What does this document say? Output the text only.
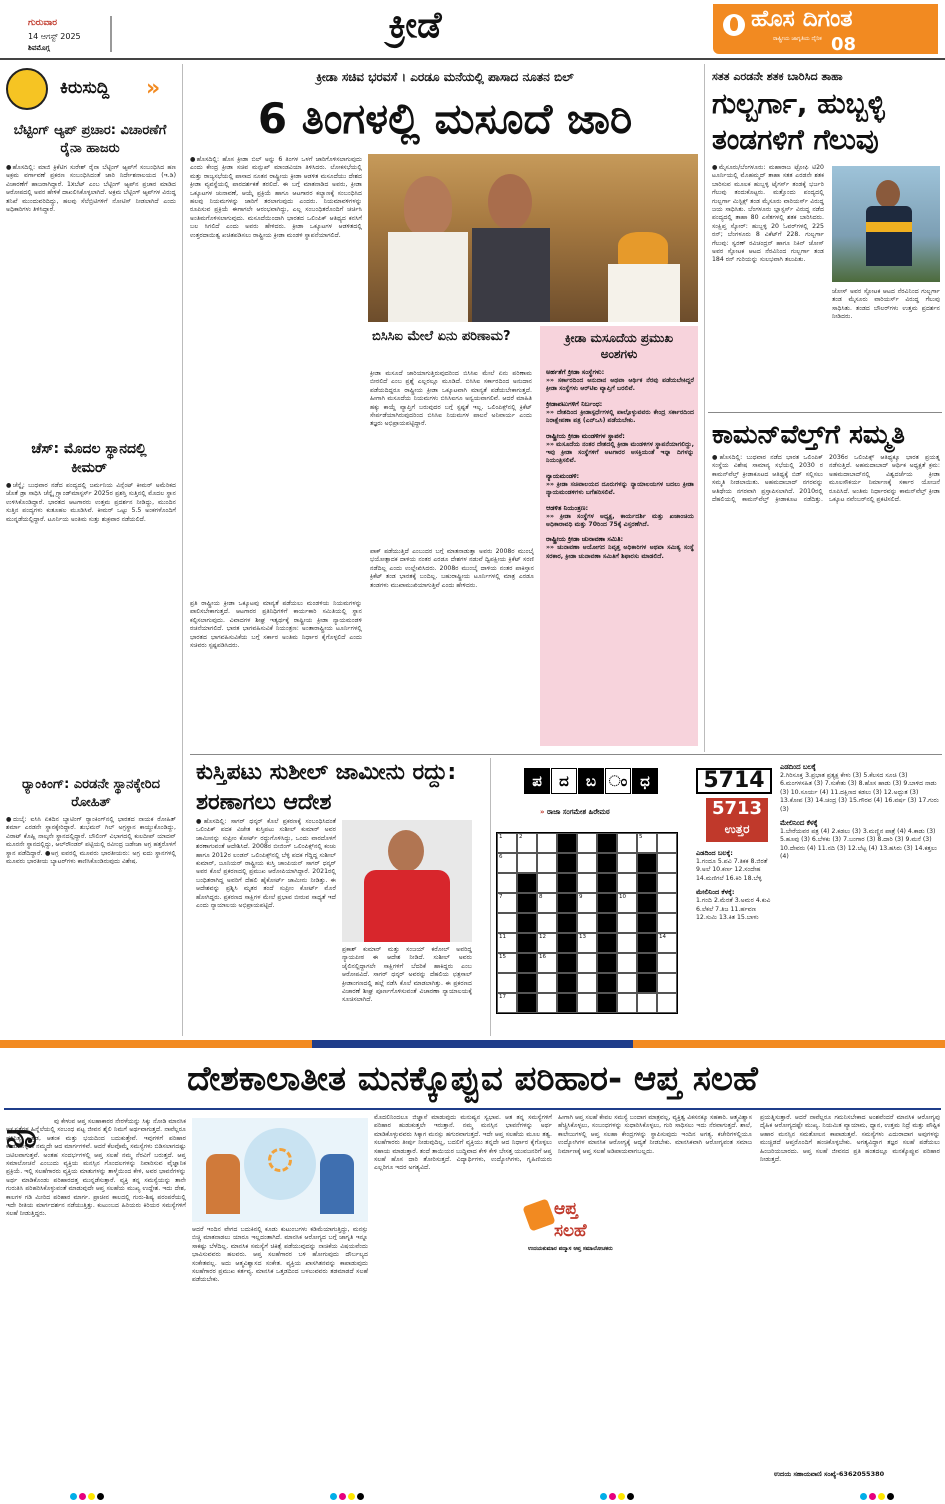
ಗುರುವಾರ
14 ಆಗಸ್ಟ್ 2025
ಶಿವಮೊಗ್ಗ
ಕ್ರೀಡೆ	ಹೊಸ ದಿಗಂತ
ರಾಷ್ಟ್ರೀಯ ಜಾಗೃತಿಯ ದೈನಿಕ 08
ಕಿರುಸುದ್ದಿ »
ಬೆಟ್ಟಿಂಗ್ ಆ್ಯಪ್ ಪ್ರಚಾರ: ವಿಚಾರಣೆಗೆ ರೈನಾ ಹಾಜರು
●ಹೊಸದಿಲ್ಲಿ: ಮಾಜಿ ಕ್ರಿಕೆಟಿಗ ಸುರೇಶ್ ರೈನಾ ಬೆಟ್ಟಿಂಗ್ ಆ್ಯಪ್‌ಗೆ ಸಂಬಂಧಿಸಿದ ಹಣ ಅಕ್ರಮ ವರ್ಗಾವಣೆ ಪ್ರಕರಣ ಸಂಬಂಧಿಸಿದಂತೆ ಜಾರಿ ನಿರ್ದೇಶನಾಲಯದ (ಇ.ಡಿ) ವಿಚಾರಣೆಗೆ ಹಾಜರಾಗಿದ್ದಾರೆ. 1xಬೆಟ್ ಎಂಬ ಬೆಟ್ಟಿಂಗ್ ಆ್ಯಪ್‌ನ ಪ್ರಚಾರ ಮಾಡಿದ ಆರೋಪದಲ್ಲಿ ಅವರ ಹೇಳಿಕೆ ದಾಖಲಿಸಿಕೊಳ್ಳಲಾಗಿದೆ. ಅಕ್ರಮ ಬೆಟ್ಟಿಂಗ್ ಆ್ಯಪ್‌ಗಳ ವಿರುದ್ಧ ತನಿಖೆ ಮುಂದುವರಿದಿದ್ದು, ಹಲವು ಸೆಲೆಬ್ರಿಟಿಗಳಿಗೆ ನೋಟಿಸ್ ನೀಡಲಾಗಿದೆ ಎಂದು ಅಧಿಕಾರಿಗಳು ತಿಳಿಸಿದ್ದಾರೆ.
ಚೆಸ್: ಮೊದಲ ಸ್ಥಾನದಲ್ಲಿ ಕೀಮರ್
●ಚೆನ್ನೈ: ಬುಧವಾರ ನಡೆದ ಪಂದ್ಯದಲ್ಲಿ ಜರ್ಮನಿಯ ವಿನ್ಸೆಂಟ್ ಕೀಮರ್ ಅಮೆರಿಕದ ಜೊತೆ ಡ್ರಾ ಸಾಧಿಸಿ ಚೆನ್ನೈ ಗ್ರ್ಯಾಂಡ್‌ಮಾಸ್ಟರ್ಸ್ 2025ರ ಪ್ರಶಸ್ತಿ ಸುತ್ತಿನಲ್ಲಿ ಮೊದಲ ಸ್ಥಾನ ಉಳಿಸಿಕೊಂಡಿದ್ದಾರೆ. ಭಾರತದ ಆಟಗಾರರು ಉತ್ತಮ ಪ್ರದರ್ಶನ ನೀಡಿದ್ದು, ಮುಂದಿನ ಸುತ್ತಿನ ಪಂದ್ಯಗಳು ಕುತೂಹಲ ಮೂಡಿಸಿವೆ. ಕೀಮರ್ ಒಟ್ಟು 5.5 ಅಂಕಗಳೊಂದಿಗೆ ಮುನ್ನಡೆಯಲ್ಲಿದ್ದಾರೆ. ಟೂರ್ನಿಯ ಅಂತಿಮ ಸುತ್ತು ಶುಕ್ರವಾರ ನಡೆಯಲಿದೆ.
ರ‍್ಯಾಂಕಿಂಗ್: ಎರಡನೇ ಸ್ಥಾನಕ್ಕೇರಿದ ರೋಹಿತ್
●ದುಬೈ: ಐಸಿಸಿ ಏಕದಿನ ಬ್ಯಾಟಿಂಗ್ ರ‍್ಯಾಂಕಿಂಗ್‌ನಲ್ಲಿ ಭಾರತದ ನಾಯಕ ರೋಹಿತ್ ಶರ್ಮಾ ಎರಡನೇ ಸ್ಥಾನಕ್ಕೇರಿದ್ದಾರೆ. ಶುಭಮನ್ ಗಿಲ್ ಅಗ್ರಸ್ಥಾನ ಕಾಯ್ದುಕೊಂಡಿದ್ದು, ವಿರಾಟ್ ಕೊಹ್ಲಿ ನಾಲ್ಕನೇ ಸ್ಥಾನದಲ್ಲಿದ್ದಾರೆ. ಬೌಲಿಂಗ್ ವಿಭಾಗದಲ್ಲಿ ಕುಲದೀಪ್ ಯಾದವ್ ಮೂರನೇ ಸ್ಥಾನದಲ್ಲಿದ್ದು, ಆಲ್‌ರೌಂಡರ್ ಪಟ್ಟಿಯಲ್ಲಿ ರವೀಂದ್ರ ಜಡೇಜಾ ಅಗ್ರ ಹತ್ತರೊಳಗೆ ಸ್ಥಾನ ಪಡೆದಿದ್ದಾರೆ. ●ಅಗ್ರ ಐವರಲ್ಲಿ ಮೂವರು ಭಾರತೀಯರು: ಅಗ್ರ ಐದು ಸ್ಥಾನಗಳಲ್ಲಿ ಮೂವರು ಭಾರತೀಯ ಬ್ಯಾಟರ್‌ಗಳು ಕಾಣಿಸಿಕೊಂಡಿರುವುದು ವಿಶೇಷ.
ಕ್ರೀಡಾ ಸಚಿವ ಭರವಸೆ । ಎರಡೂ ಮನೆಯಲ್ಲಿ ಪಾಸಾದ ನೂತನ ಬಿಲ್
6 ತಿಂಗಳಲ್ಲಿ ಮಸೂದೆ ಜಾರಿ
●ಹೊಸದಿಲ್ಲಿ: ಹೊಸ ಕ್ರೀಡಾ ಬಿಲ್ ಅನ್ನು 6 ತಿಂಗಳ ಒಳಗೆ ಜಾರಿಗೊಳಿಸಲಾಗುವುದು ಎಂದು ಕೇಂದ್ರ ಕ್ರೀಡಾ ಸಚಿವ ಮನ್ಸುಖ್ ಮಾಂಡವಿಯಾ ತಿಳಿಸಿದರು. ಲೋಕಸಭೆಯಲ್ಲಿ ಮತ್ತು ರಾಜ್ಯಸಭೆಯಲ್ಲಿ ಪಾಸಾದ ನೂತನ ರಾಷ್ಟ್ರೀಯ ಕ್ರೀಡಾ ಆಡಳಿತ ಮಸೂದೆಯು ದೇಶದ ಕ್ರೀಡಾ ವ್ಯವಸ್ಥೆಯಲ್ಲಿ ಪಾರದರ್ಶಕತೆ ತರಲಿದೆ. ಈ ಬಗ್ಗೆ ಮಾತನಾಡಿದ ಅವರು, ಕ್ರೀಡಾ ಒಕ್ಕೂಟಗಳ ಚುನಾವಣೆ, ಆಯ್ಕೆ ಪ್ರಕ್ರಿಯೆ ಹಾಗೂ ಆಟಗಾರರ ಕಲ್ಯಾಣಕ್ಕೆ ಸಂಬಂಧಿಸಿದ ಹಲವು ನಿಯಮಗಳನ್ನು ಜಾರಿಗೆ ತರಲಾಗುವುದು ಎಂದರು. ನಿಯಮಾವಳಿಗಳನ್ನು ರೂಪಿಸುವ ಪ್ರಕ್ರಿಯೆ ಈಗಾಗಲೇ ಆರಂಭವಾಗಿದ್ದು, ಎಲ್ಲ ಸಂಬಂಧಿತರೊಂದಿಗೆ ಚರ್ಚಿಸಿ ಅಂತಿಮಗೊಳಿಸಲಾಗುವುದು. ಮಸೂದೆಯಿಂದಾಗಿ ಭಾರತದ ಒಲಿಂಪಿಕ್ ಆತಿಥ್ಯದ ಕನಸಿಗೆ ಬಲ ಸಿಗಲಿದೆ ಎಂದು ಅವರು ಹೇಳಿದರು. ಕ್ರೀಡಾ ಒಕ್ಕೂಟಗಳ ಆಡಳಿತದಲ್ಲಿ ಉತ್ತರದಾಯಿತ್ವ ಖಚಿತಪಡಿಸಲು ರಾಷ್ಟ್ರೀಯ ಕ್ರೀಡಾ ಮಂಡಳಿ ಸ್ಥಾಪನೆಯಾಗಲಿದೆ.
ಪ್ರತಿ ರಾಷ್ಟ್ರೀಯ ಕ್ರೀಡಾ ಒಕ್ಕೂಟವು ಮಾನ್ಯತೆ ಪಡೆಯಲು ಮಂಡಳಿಯ ನಿಯಮಗಳನ್ನು ಪಾಲಿಸಬೇಕಾಗುತ್ತದೆ. ಆಟಗಾರರ ಪ್ರತಿನಿಧಿಗಳಿಗೆ ಕಾರ್ಯಕಾರಿ ಸಮಿತಿಯಲ್ಲಿ ಸ್ಥಾನ ಕಲ್ಪಿಸಲಾಗುವುದು. ವಿವಾದಗಳ ಶೀಘ್ರ ಇತ್ಯರ್ಥಕ್ಕೆ ರಾಷ್ಟ್ರೀಯ ಕ್ರೀಡಾ ನ್ಯಾಯಮಂಡಳಿ ರಚನೆಯಾಗಲಿದೆ. ಭಾರತ ಭಾಗವಹಿಸುವಿಕೆ ನಿಯಂತ್ರಣ: ಅಂತಾರಾಷ್ಟ್ರೀಯ ಟೂರ್ನಿಗಳಲ್ಲಿ ಭಾರತದ ಭಾಗವಹಿಸುವಿಕೆಯ ಬಗ್ಗೆ ಸರ್ಕಾರ ಅಂತಿಮ ನಿರ್ಧಾರ ಕೈಗೊಳ್ಳಲಿದೆ ಎಂದು ಸಚಿವರು ಸ್ಪಷ್ಟಪಡಿಸಿದರು.
ಬಿಸಿಸಿಐ ಮೇಲೆ ಏನು ಪರಿಣಾಮ?
ಕ್ರೀಡಾ ಮಸೂದೆ ಜಾರಿಯಾಗುತ್ತಿರುವುದರಿಂದ ಬಿಸಿಸಿಐ ಮೇಲೆ ಏನು ಪರಿಣಾಮ ಬೀರಲಿದೆ ಎಂಬ ಪ್ರಶ್ನೆ ಎಲ್ಲರಲ್ಲೂ ಮೂಡಿದೆ. ಬಿಸಿಸಿಐ ಸರ್ಕಾರದಿಂದ ಅನುದಾನ ಪಡೆಯದಿದ್ದರೂ ರಾಷ್ಟ್ರೀಯ ಕ್ರೀಡಾ ಒಕ್ಕೂಟವಾಗಿ ಮಾನ್ಯತೆ ಪಡೆಯಬೇಕಾಗುತ್ತದೆ. ಹೀಗಾಗಿ ಮಸೂದೆಯ ನಿಯಮಗಳು ಬಿಸಿಸಿಐಗೂ ಅನ್ವಯವಾಗಲಿವೆ. ಆದರೆ ಮಾಹಿತಿ ಹಕ್ಕು ಕಾಯ್ದೆ ವ್ಯಾಪ್ತಿಗೆ ಬರುವುದರ ಬಗ್ಗೆ ಸ್ಪಷ್ಟತೆ ಇಲ್ಲ. ಒಲಿಂಪಿಕ್ಸ್‌ನಲ್ಲಿ ಕ್ರಿಕೆಟ್ ಸೇರ್ಪಡೆಯಾಗಿರುವುದರಿಂದ ಬಿಸಿಸಿಐ ನಿಯಮಗಳ ಪಾಲನೆ ಅನಿವಾರ್ಯ ಎಂದು ತಜ್ಞರು ಅಭಿಪ್ರಾಯಪಟ್ಟಿದ್ದಾರೆ.
ಪಾಕ್ ಪಡೆಯುತ್ತಿದೆ ಎಂಬುದರ ಬಗ್ಗೆ ಮಾತನಾಡುತ್ತಾ ಅವರು 2008ರ ಮುಂಬೈ ಭಯೋತ್ಪಾದಕ ದಾಳಿಯ ನಂತರ ಎರಡೂ ದೇಶಗಳ ನಡುವೆ ದ್ವಿಪಕ್ಷೀಯ ಕ್ರಿಕೆಟ್ ಸರಣಿ ನಡೆದಿಲ್ಲ ಎಂದು ಉಲ್ಲೇಖಿಸಿದರು. 2008ರ ಮುಂಬೈ ದಾಳಿಯ ನಂತರ ಪಾಕಿಸ್ತಾನ ಕ್ರಿಕೆಟ್ ತಂಡ ಭಾರತಕ್ಕೆ ಬಂದಿಲ್ಲ. ಬಹುರಾಷ್ಟ್ರೀಯ ಟೂರ್ನಿಗಳಲ್ಲಿ ಮಾತ್ರ ಎರಡೂ ತಂಡಗಳು ಮುಖಾಮುಖಿಯಾಗುತ್ತಿವೆ ಎಂದು ಹೇಳಿದರು.
ಕ್ರೀಡಾ ಮಸೂದೆಯ ಪ್ರಮುಖ ಅಂಶಗಳು
ಅರ್ಹತೆಗೆ ಕ್ರೀಡಾ ಸಂಸ್ಥೆಗಳು:
»» ಸರ್ಕಾರದಿಂದ ಅನುದಾನ ಅಥವಾ ಆರ್ಥಿಕ ನೆರವು ಪಡೆಯಬೇಕಿದ್ದರೆ ಕ್ರೀಡಾ ಸಂಸ್ಥೆಗಳು ಆರ್‌ಟಿಐ ವ್ಯಾಪ್ತಿಗೆ ಬರಲಿವೆ.
ಕ್ರೀಡಾಪಟುಗಳಿಗೆ ನಿರ್ಬಂಧ:
»» ದೇಶದಿಂದ ಕ್ರೀಡಾಸ್ಪರ್ಧೆಗಳಲ್ಲಿ ಪಾಲ್ಗೊಳ್ಳುವವರು ಕೇಂದ್ರ ಸರ್ಕಾರದಿಂದ ನಿರಾಕ್ಷೇಪಣಾ ಪತ್ರ (ಎನ್‌ಒಸಿ) ಪಡೆಯಬೇಕು.
ರಾಷ್ಟ್ರೀಯ ಕ್ರೀಡಾ ಮಂಡಳಿಗಳ ಸ್ಥಾಪನೆ:
»» ಮಸೂದೆಯ ನಂತರ ದೇಶದಲ್ಲಿ ಕ್ರೀಡಾ ಮಂಡಳಿಗಳ ಸ್ಥಾಪನೆಯಾಗಲಿದ್ದು, ಇವು ಕ್ರೀಡಾ ಸಂಸ್ಥೆಗಳಿಗೆ ಆಟಗಾರರ ಆಸಕ್ತಿಯಂತೆ ಇನ್ನಾ ದಿಗಳನ್ನು ನಿಯಂತ್ರಿಸಲಿವೆ.
ನ್ಯಾಯಮಂಡಳಿ:
»» ಕ್ರೀಡಾ ಸಚಿವಾಲಯದ ದೂರುಗಳನ್ನು ನ್ಯಾಯಾಲಯಗಳ ಬದಲು ಕ್ರೀಡಾ ನ್ಯಾಯಮಂಡಳಿಗಳು ಬಗೆಹರಿಸಲಿವೆ.
ಆಡಳಿತ ನಿಯಂತ್ರಣ:
»» ಕ್ರೀಡಾ ಸಂಸ್ಥೆಗಳ ಅಧ್ಯಕ್ಷ, ಕಾರ್ಯದರ್ಶಿ ಮತ್ತು ಖಜಾಂಚಿಯ ಅಧಿಕಾರಾವಧಿ ಮತ್ತು 70ರಿಂದ 75ಕ್ಕೆ ವಿಸ್ತರಣೆಗಿದೆ.
ರಾಷ್ಟ್ರೀಯ ಕ್ರೀಡಾ ಚುನಾವಣಾ ಸಮಿತಿ:
»» ಚುನಾವಣಾ ಆಯೋಗದ ನಿವೃತ್ತ ಅಧಿಕಾರಿಗಳ ಅಥವಾ ಸಮಿತ್ಯ ಸಂಸ್ಥೆ ಸರಕಾರ, ಕ್ರೀಡಾ ಚುನಾವಣಾ ಸಮಿತಿಗೆ ಶಿಫಾರಸು ಮಾಡಲಿದೆ.
ಸತತ ಎರಡನೇ ಶತಕ ಬಾರಿಸಿದ ತಾಹಾ
ಗುಲ್ಬರ್ಗಾ, ಹುಬ್ಬಳ್ಳಿ ತಂಡಗಳಿಗೆ ಗೆಲುವು
●ಮೈಸೂರು/ಬೆಂಗಳೂರು: ಮಹಾರಾಜ ಟ್ರೋಫಿ ಟಿ20 ಟೂರ್ನಿಯಲ್ಲಿ ಮೊಹಮ್ಮದ್ ತಾಹಾ ಸತತ ಎರಡನೇ ಶತಕ ಬಾರಿಸುವ ಮೂಲಕ ಹುಬ್ಬಳ್ಳಿ ಟೈಗರ್ಸ್ ತಂಡಕ್ಕೆ ಭರ್ಜರಿ ಗೆಲುವು ತಂದುಕೊಟ್ಟರು. ಮತ್ತೊಂದು ಪಂದ್ಯದಲ್ಲಿ ಗುಲ್ಬರ್ಗಾ ಮಿಸ್ಟಿಕ್ಸ್ ತಂಡ ಮೈಸೂರು ವಾರಿಯರ್ಸ್ ವಿರುದ್ಧ ಜಯ ಸಾಧಿಸಿತು. ಬೆಂಗಳೂರು ಬ್ಲಾಸ್ಟರ್ಸ್ ವಿರುದ್ಧ ನಡೆದ ಪಂದ್ಯದಲ್ಲಿ ತಾಹಾ 80 ಎಸೆತಗಳಲ್ಲಿ ಶತಕ ಬಾರಿಸಿದರು. ಸಂಕ್ಷಿಪ್ತ ಸ್ಕೋರ್: ಹುಬ್ಬಳ್ಳಿ 20 ಓವರ್‌ಗಳಲ್ಲಿ 225 ರನ್; ಬೆಂಗಳೂರು 8 ವಿಕೆಟ್‌ಗೆ 228. ಗುಲ್ಬರ್ಗಾ ಗೆಲುವು: ಸ್ವರಣ್ ರವಿಚಂದ್ರನ್ ಹಾಗೂ ನಿಕಿನ್ ಜೋಸ್ ಅವರ ಸ್ಫೋಟಕ ಆಟದ ನೆರವಿನಿಂದ ಗುಲ್ಬರ್ಗಾ ತಂಡ 184 ರನ್ ಗುರಿಯನ್ನು ಸುಲಭವಾಗಿ ತಲುಪಿತು.
ಜೋಸ್ ಅವರ ಸ್ಫೋಟಕ ಆಟದ ನೆರವಿನಿಂದ ಗುಲ್ಬರ್ಗಾ ತಂಡ ಮೈಸೂರು ವಾರಿಯರ್ಸ್ ವಿರುದ್ಧ ಗೆಲುವು ಸಾಧಿಸಿತು. ತಂಡದ ಬೌಲರ್‌ಗಳು ಉತ್ತಮ ಪ್ರದರ್ಶನ ನೀಡಿದರು.
ಕಾಮನ್‌ವೆಲ್ತ್‌ಗೆ ಸಮ್ಮತಿ
●ಹೊಸದಿಲ್ಲಿ: ಬುಧವಾರ ನಡೆದ ಭಾರತ ಒಲಿಂಪಿಕ್ ಸಂಸ್ಥೆಯ ವಿಶೇಷ ಸಾಮಾನ್ಯ ಸಭೆಯಲ್ಲಿ 2030 ರ ಕಾಮನ್‌ವೆಲ್ತ್ ಕ್ರೀಡಾಕೂಟದ ಆತಿಥ್ಯಕ್ಕೆ ಬಿಡ್ ಸಲ್ಲಿಸಲು ಸಮ್ಮತಿ ನೀಡಲಾಯಿತು. ಅಹಮದಾಬಾದ್ ನಗರವನ್ನು ಆತಿಥೇಯ ನಗರವಾಗಿ ಪ್ರಸ್ತಾಪಿಸಲಾಗಿದೆ. 2010ರಲ್ಲಿ ದೆಹಲಿಯಲ್ಲಿ ಕಾಮನ್‌ವೆಲ್ತ್ ಕ್ರೀಡಾಕೂಟ ನಡೆದಿತ್ತು. 2036ರ ಒಲಿಂಪಿಕ್ಸ್ ಆತಿಥ್ಯಕ್ಕೂ ಭಾರತ ಪ್ರಯತ್ನ ನಡೆಸುತ್ತಿದೆ. ಅಹಮದಾಬಾದ್ ಆರ್ಥಿಕ ಅಧ್ಯಕ್ಷತೆ ಕ್ರಮ: ಅಹಮದಾಬಾದ್‌ನಲ್ಲಿ ವಿಶ್ವದರ್ಜೆಯ ಕ್ರೀಡಾ ಮೂಲಸೌಕರ್ಯ ನಿರ್ಮಾಣಕ್ಕೆ ಸರ್ಕಾರ ಯೋಜನೆ ರೂಪಿಸಿದೆ. ಅಂತಿಮ ನಿರ್ಧಾರವನ್ನು ಕಾಮನ್‌ವೆಲ್ತ್ ಕ್ರೀಡಾ ಒಕ್ಕೂಟ ನವೆಂಬರ್‌ನಲ್ಲಿ ಪ್ರಕಟಿಸಲಿದೆ.
ಕುಸ್ತಿಪಟು ಸುಶೀಲ್ ಜಾಮೀನು ರದ್ದು: ಶರಣಾಗಲು ಆದೇಶ
●ಹೊಸದಿಲ್ಲಿ: ಸಾಗರ್ ಧನ್ಕರ್ ಕೊಲೆ ಪ್ರಕರಣಕ್ಕೆ ಸಂಬಂಧಿಸಿದಂತೆ ಒಲಿಂಪಿಕ್ ಪದಕ ವಿಜೇತ ಕುಸ್ತಿಪಟು ಸುಶೀಲ್ ಕುಮಾರ್ ಅವರ ಜಾಮೀನನ್ನು ಸುಪ್ರೀಂ ಕೋರ್ಟ್ ರದ್ದುಗೊಳಿಸಿದ್ದು, ಒಂದು ವಾರದೊಳಗೆ ಶರಣಾಗುವಂತೆ ಆದೇಶಿಸಿದೆ. 2008ರ ಬೀಜಿಂಗ್ ಒಲಿಂಪಿಕ್ಸ್‌ನಲ್ಲಿ ಕಂಚು ಹಾಗೂ 2012ರ ಲಂಡನ್ ಒಲಿಂಪಿಕ್ಸ್‌ನಲ್ಲಿ ಬೆಳ್ಳಿ ಪದಕ ಗೆದ್ದಿದ್ದ ಸುಶೀಲ್ ಕುಮಾರ್, ಜೂನಿಯರ್ ರಾಷ್ಟ್ರೀಯ ಕುಸ್ತಿ ಚಾಂಪಿಯನ್ ಸಾಗರ್ ಧನ್ಕರ್ ಅವರ ಕೊಲೆ ಪ್ರಕರಣದಲ್ಲಿ ಪ್ರಮುಖ ಆರೋಪಿಯಾಗಿದ್ದಾರೆ. 2021ರಲ್ಲಿ ಬಂಧಿತರಾಗಿದ್ದ ಅವರಿಗೆ ದೆಹಲಿ ಹೈಕೋರ್ಟ್ ಜಾಮೀನು ನೀಡಿತ್ತು. ಈ ಆದೇಶವನ್ನು ಪ್ರಶ್ನಿಸಿ ಮೃತರ ತಂದೆ ಸುಪ್ರೀಂ ಕೋರ್ಟ್ ಮೊರೆ ಹೋಗಿದ್ದರು. ಪ್ರಕರಣದ ಸಾಕ್ಷಿಗಳ ಮೇಲೆ ಪ್ರಭಾವ ಬೀರುವ ಸಾಧ್ಯತೆ ಇದೆ ಎಂದು ನ್ಯಾಯಾಲಯ ಅಭಿಪ್ರಾಯಪಟ್ಟಿದೆ.
ಪ್ರಕಾಶ್ ಕುಮಾರ್ ಮತ್ತು ಸಂಜಯ್ ಕರೋಲ್ ಅವರಿದ್ದ ನ್ಯಾಯಪೀಠ ಈ ಆದೇಶ ನೀಡಿದೆ. ಸುಶೀಲ್ ಅವರು ಜೈಲಿನಲ್ಲಿದ್ದಾಗಲೇ ಸಾಕ್ಷಿಗಳಿಗೆ ಬೆದರಿಕೆ ಹಾಕಿದ್ದರು ಎಂಬ ಆರೋಪವಿದೆ. ಸಾಗರ್ ಧನ್ಕರ್ ಅವರನ್ನು ದೆಹಲಿಯ ಛತ್ರಸಾಲ್ ಕ್ರೀಡಾಂಗಣದಲ್ಲಿ ಹಲ್ಲೆ ನಡೆಸಿ ಕೊಲೆ ಮಾಡಲಾಗಿತ್ತು. ಈ ಪ್ರಕರಣದ ವಿಚಾರಣೆ ಶೀಘ್ರ ಪೂರ್ಣಗೊಳಿಸುವಂತೆ ವಿಚಾರಣಾ ನ್ಯಾಯಾಲಯಕ್ಕೆ ಸೂಚಿಸಲಾಗಿದೆ.
ಪ	ದ	ಬ ಂ ಧ
» ರಾಜಾ ಸಂಗಮೇಶ ಹಿರೇಮಠ
1	2	5
6
7	8	9	10
11	12	13	14
15	16
17
5714
5713
ಉತ್ತರ
ಎಡದಿಂದ ಬಲಕ್ಕೆ:
1.ಗಂದೂ 5.ಪವಿ 7.ತಿಕಕ 8.ಜಿರತೆ 9.ಅಲೆ 10.ಕರ್ಣ 12.ಸಂದೇಹ 14.ಮಣಿಗಲೆ 16.ಕಿರಿ 18.ಬೆಳ್ಳಿ
ಮೇಲಿನಿಂದ ಕೆಳಕ್ಕೆ:
1.ಗಂದಿ 2.ಮೆರತೆ 3.ಅಮರ 4.ಕುವಿ 6.ಲೆಕಲೆ 7.ತಿಜ 11.ರ್ಹವಣ 12.ಸುಮಿ 13.ಕಿತ 15.ಬಾಳು
ಎಡದಿಂದ ಬಲಕ್ಕೆ
2.ಗಿರಿಸೂಕ್ತ 3.ಪ್ರಭಾತ ಪ್ರತ್ಯಕ್ಷ ಕೇಳು (3) 5.ಕೆಲಸದ ಸೂಚಿ (3) 6.ಮಂಗಳಸಹಿತ (3) 7.ಸುಕೇತು (3) 8.ಹೊಸ ಹಾಡು (3) 9.ಬಾಳಿದ ನಾಡು (3) 10.ಸೂರ್ಯ (4) 11.ದಕ್ಷಿಣದ ಕಡಲು (3) 12.ಅದ್ಭುತ (3) 13.ಕೋಪ (3) 14.ಚಂದ್ರ (3) 15.ಗೌರವ (4) 16.ವರ್ಷ (3) 17.ಗುರು (3)
ಮೇಲಿನಿಂದ ಕೆಳಕ್ಕೆ
1.ಬೇರೆಯವರ ಪತ್ರ (4) 2.ಕಡಲು (3) 3.ಮಣ್ಣಿನ ಪಾತ್ರೆ (4) 4.ಕಾಡು (3) 5.ಹೂವು (3) 6.ಬೆಳಕು (3) 7.ಬಂಗಾರ (3) 8.ದಾರಿ (3) 9.ಮನೆ (3) 10.ದೇವರು (4) 11.ನದಿ (3) 12.ಬೆಟ್ಟ (4) 13.ಹಸಿರು (3) 14.ಕತ್ತಲು (4)
ದೇಶಕಾಲಾತೀತ ಮನಕ್ಕೊಪ್ಪುವ ಪರಿಹಾರ- ಆಪ್ತ ಸಲಹೆ
ನಾ	ವು ಕೇಳುವ ಆಪ್ತ ಸಲಹಾಕಾರರ ನೇರಳೆಯನ್ನು ಸಿಕ್ಕು ನೋಡಿ ಮಾನಸಿಕ ಅಸ್ವಸ್ಥತೆಗಳ ಹಿನ್ನೆಲೆಯಲ್ಲಿ ಸಂಬಂಧ ಪಟ್ಟ ಜೀವನ ಶೈಲಿ ನಿಮಗೆ ಅರ್ಥವಾಗುತ್ತದೆ. ನಾವೆಲ್ಲರೂ ಪ್ರತಿನಿತ್ಯ ಒತ್ತಡ, ಆತಂಕ ಮತ್ತು ಭಯದಿಂದ ಬದುಕುತ್ತೇವೆ. ಇವುಗಳಿಗೆ ಪರಿಹಾರ ಕಂಡುಕೊಳ್ಳಲು ನಮ್ಮದೇ ಆದ ಮಾರ್ಗಗಳಿವೆ. ಆದರೆ ಕೆಲವೊಮ್ಮೆ ಸಮಸ್ಯೆಗಳು ಬಿಡಿಸಲಾಗದಷ್ಟು ಜಟಿಲವಾಗುತ್ತವೆ. ಅಂತಹ ಸಂದರ್ಭಗಳಲ್ಲಿ ಆಪ್ತ ಸಲಹೆ ನಮ್ಮ ನೆರವಿಗೆ ಬರುತ್ತದೆ. ಆಪ್ತ ಸಮಾಲೋಚನೆ ಎಂಬುದು ವ್ಯಕ್ತಿಯ ಮನಸ್ಸಿನ ಗೊಂದಲಗಳನ್ನು ನಿವಾರಿಸುವ ವೈಜ್ಞಾನಿಕ ಪ್ರಕ್ರಿಯೆ. ಇಲ್ಲಿ ಸಲಹೆಗಾರರು ವ್ಯಕ್ತಿಯ ಮಾತುಗಳನ್ನು ತಾಳ್ಮೆಯಿಂದ ಕೇಳಿ, ಅವರ ಭಾವನೆಗಳನ್ನು ಅರ್ಥ ಮಾಡಿಕೊಂಡು ಪರಿಹಾರದತ್ತ ಮುನ್ನಡೆಸುತ್ತಾರೆ. ವ್ಯಕ್ತಿ ತನ್ನ ಸಮಸ್ಯೆಯನ್ನು ತಾನೇ ಗುರುತಿಸಿ ಪರಿಹರಿಸಿಕೊಳ್ಳುವಂತೆ ಮಾಡುವುದೇ ಆಪ್ತ ಸಲಹೆಯ ಮುಖ್ಯ ಉದ್ದೇಶ. ಇದು ದೇಶ, ಕಾಲಗಳ ಗಡಿ ಮೀರಿದ ಪರಿಹಾರ ಮಾರ್ಗ. ಪ್ರಾಚೀನ ಕಾಲದಲ್ಲಿ ಗುರು-ಶಿಷ್ಯ ಪರಂಪರೆಯಲ್ಲಿ ಇದೇ ರೀತಿಯ ಮಾರ್ಗದರ್ಶನ ನಡೆಯುತ್ತಿತ್ತು. ಕುಟುಂಬದ ಹಿರಿಯರು ಕಿರಿಯರ ಸಮಸ್ಯೆಗಳಿಗೆ ಸಲಹೆ ನೀಡುತ್ತಿದ್ದರು.
ಆದರೆ ಇಂದಿನ ವೇಗದ ಬದುಕಿನಲ್ಲಿ ಕೂಡು ಕುಟುಂಬಗಳು ಕಡಿಮೆಯಾಗುತ್ತಿದ್ದು, ಮನಸ್ಸು ಬಿಚ್ಚಿ ಮಾತನಾಡಲು ಯಾರೂ ಇಲ್ಲದಂತಾಗಿದೆ. ಮಾನಸಿಕ ಆರೋಗ್ಯದ ಬಗ್ಗೆ ಜಾಗೃತಿ ಇನ್ನೂ ಸಾಕಷ್ಟು ಬೆಳೆದಿಲ್ಲ. ಮಾನಸಿಕ ಸಮಸ್ಯೆಗೆ ಚಿಕಿತ್ಸೆ ಪಡೆಯುವುದನ್ನು ನಾಚಿಕೆಯ ವಿಷಯವೆಂದು ಭಾವಿಸುವವರು ಹಲವರು. ಆಪ್ತ ಸಲಹೆಗಾರರ ಬಳಿ ಹೋಗುವುದು ದೌರ್ಬಲ್ಯದ ಸಂಕೇತವಲ್ಲ. ಅದು ಆತ್ಮವಿಶ್ವಾಸದ ಸಂಕೇತ. ವ್ಯಕ್ತಿಯ ಖಾಸಗಿತನವನ್ನು ಕಾಪಾಡುವುದು ಸಲಹೆಗಾರರ ಪ್ರಮುಖ ಕರ್ತವ್ಯ. ಮಾನಸಿಕ ಒತ್ತಡದಿಂದ ಬಳಲುವವರು ತಡಮಾಡದೆ ಸಲಹೆ ಪಡೆಯಬೇಕು.
ಮೊದಲಿನಿಂದಲೂ ಜಿಜ್ಞಾಸೆ ಮಾಡುವುದು ಮನುಷ್ಯನ ಸ್ವಭಾವ. ಆತ ತನ್ನ ಸಮಸ್ಯೆಗಳಿಗೆ ಪರಿಹಾರ ಹುಡುಕುತ್ತಲೇ ಇರುತ್ತಾನೆ. ನಮ್ಮ ಮನಸ್ಸಿನ ಭಾವನೆಗಳನ್ನು ಅರ್ಥ ಮಾಡಿಕೊಳ್ಳುವವರು ಸಿಕ್ಕಾಗ ಮನಸ್ಸು ಹಗುರವಾಗುತ್ತದೆ. ಇದೇ ಆಪ್ತ ಸಲಹೆಯ ಮೂಲ ತತ್ವ. ಸಲಹೆಗಾರರು ತೀರ್ಪು ನೀಡುವುದಿಲ್ಲ, ಬದಲಿಗೆ ವ್ಯಕ್ತಿಯು ತನ್ನದೇ ಆದ ನಿರ್ಧಾರ ಕೈಗೊಳ್ಳಲು ಸಹಾಯ ಮಾಡುತ್ತಾರೆ. ತಂದೆ ತಾಯಿಯರ ಬುದ್ಧಿವಾದ ಕೇಳಿ ಕೇಳಿ ಬೇಸತ್ತ ಯುವಜನರಿಗೆ ಆಪ್ತ ಸಲಹೆ ಹೊಸ ದಾರಿ ತೋರಿಸುತ್ತದೆ. ವಿದ್ಯಾರ್ಥಿಗಳು, ಉದ್ಯೋಗಿಗಳು, ಗೃಹಿಣಿಯರು ಎಲ್ಲರಿಗೂ ಇದರ ಅಗತ್ಯವಿದೆ.
ಆಪ್ತ ಸಲಹೆ
ಉದಯಕುಮಾರ ಪದ್ಮಾಸ ಆಪ್ತ ಸಮಾಲೋಚಕರು
ಹೀಗಾಗಿ ಆಪ್ತ ಸಲಹೆ ಕೇವಲ ಸಮಸ್ಯೆ ಬಂದಾಗ ಮಾತ್ರವಲ್ಲ, ವ್ಯಕ್ತಿತ್ವ ವಿಕಸನಕ್ಕೂ ಸಹಕಾರಿ. ಆತ್ಮವಿಶ್ವಾಸ ಹೆಚ್ಚಿಸಿಕೊಳ್ಳಲು, ಸಂಬಂಧಗಳನ್ನು ಸುಧಾರಿಸಿಕೊಳ್ಳಲು, ಗುರಿ ಸಾಧಿಸಲು ಇದು ನೆರವಾಗುತ್ತದೆ. ಶಾಲೆ, ಕಾಲೇಜುಗಳಲ್ಲಿ ಆಪ್ತ ಸಲಹಾ ಕೇಂದ್ರಗಳನ್ನು ಸ್ಥಾಪಿಸುವುದು ಇಂದಿನ ಅಗತ್ಯ. ಕಚೇರಿಗಳಲ್ಲಿಯೂ ಉದ್ಯೋಗಿಗಳ ಮಾನಸಿಕ ಆರೋಗ್ಯಕ್ಕೆ ಆದ್ಯತೆ ನೀಡಬೇಕು. ಮಾನಸಿಕವಾಗಿ ಆರೋಗ್ಯವಂತ ಸಮಾಜ ನಿರ್ಮಾಣಕ್ಕೆ ಆಪ್ತ ಸಲಹೆ ಅಡಿಪಾಯವಾಗಬಲ್ಲದು.
ಪ್ರಯತ್ನಿಸುತ್ತಾರೆ. ಆದರೆ ನಾವೆಲ್ಲರೂ ಗಮನಿಸಬೇಕಾದ ಅಂಶವೆಂದರೆ ಮಾನಸಿಕ ಆರೋಗ್ಯವು ದೈಹಿಕ ಆರೋಗ್ಯದಷ್ಟೇ ಮುಖ್ಯ. ನಿಯಮಿತ ವ್ಯಾಯಾಮ, ಧ್ಯಾನ, ಉತ್ತಮ ನಿದ್ರೆ ಮತ್ತು ಪೌಷ್ಟಿಕ ಆಹಾರ ಮನಸ್ಸಿನ ಸಮತೋಲನ ಕಾಪಾಡುತ್ತವೆ. ಸಮಸ್ಯೆಗಳು ಎದುರಾದಾಗ ಅವುಗಳನ್ನು ಮುಚ್ಚಿಡದೆ ಆಪ್ತರೊಂದಿಗೆ ಹಂಚಿಕೊಳ್ಳಬೇಕು. ಅಗತ್ಯವಿದ್ದಾಗ ತಜ್ಞರ ಸಲಹೆ ಪಡೆಯಲು ಹಿಂಜರಿಯಬಾರದು. ಆಪ್ತ ಸಲಹೆ ಜೀವನದ ಪ್ರತಿ ಹಂತದಲ್ಲೂ ಮನಕ್ಕೊಪ್ಪುವ ಪರಿಹಾರ ನೀಡುತ್ತದೆ.
ಉದಯ ಸಹಾಯವಾಣಿ ಸಂಖ್ಯೆ-6362055380
